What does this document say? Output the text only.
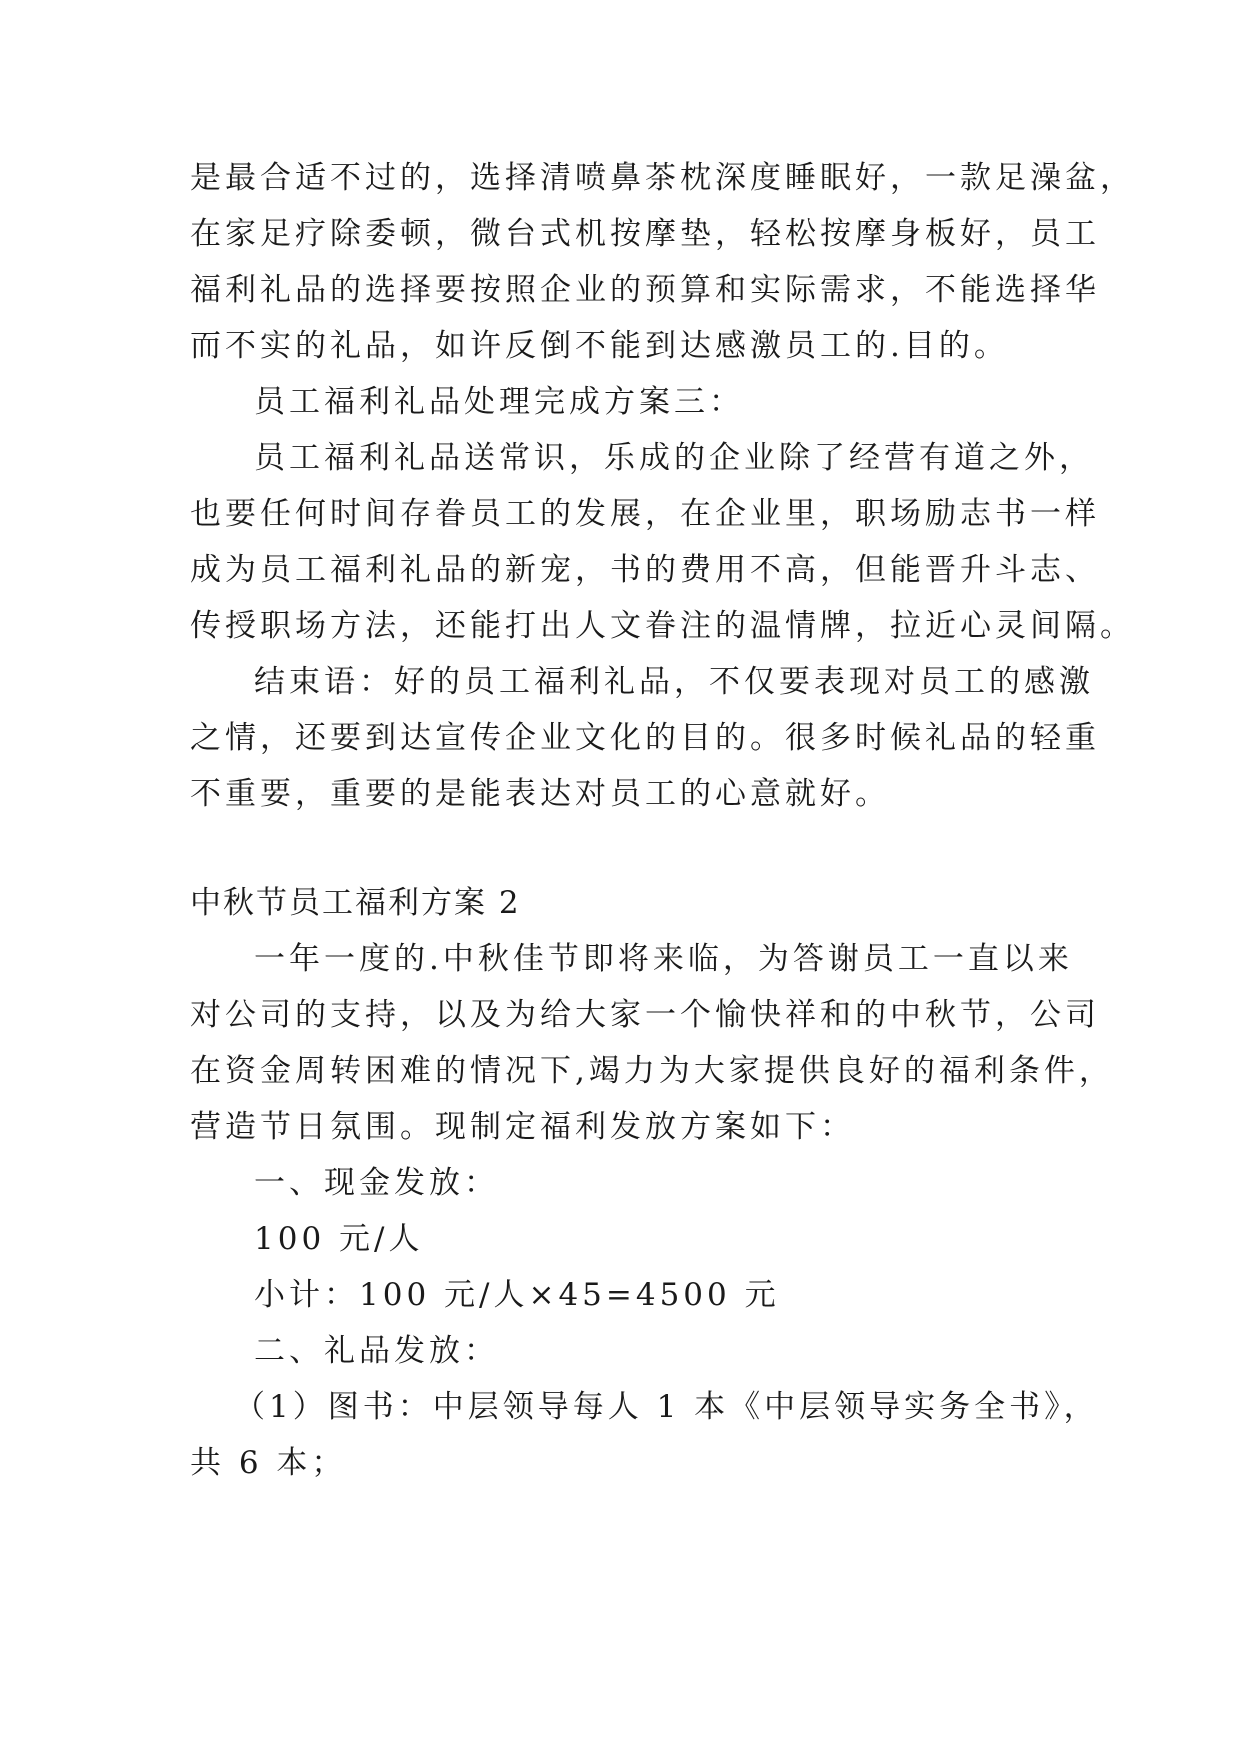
是最合适不过的，选择清喷鼻茶枕深度睡眠好，一款足澡盆，
在家足疗除委顿，微台式机按摩垫，轻松按摩身板好，员工
福利礼品的选择要按照企业的预算和实际需求，不能选择华
而不实的礼品，如许反倒不能到达感激员工的.目的。
员工福利礼品处理完成方案三：
员工福利礼品送常识，乐成的企业除了经营有道之外，
也要任何时间存眷员工的发展，在企业里，职场励志书一样
成为员工福利礼品的新宠，书的费用不高，但能晋升斗志、
传授职场方法，还能打出人文眷注的温情牌，拉近心灵间隔。
结束语：好的员工福利礼品，不仅要表现对员工的感激
之情，还要到达宣传企业文化的目的。很多时候礼品的轻重
不重要，重要的是能表达对员工的心意就好。
中秋节员工福利方案 2
一年一度的.中秋佳节即将来临，为答谢员工一直以来
对公司的支持，以及为给大家一个愉快祥和的中秋节，公司
在资金周转困难的情况下,竭力为大家提供良好的福利条件，
营造节日氛围。现制定福利发放方案如下：
一、现金发放：
100 元/人
小计：100 元/人×45=4500 元
二、礼品发放：
（1）图书：中层领导每人 1 本《中层领导实务全书》，
共 6 本；
